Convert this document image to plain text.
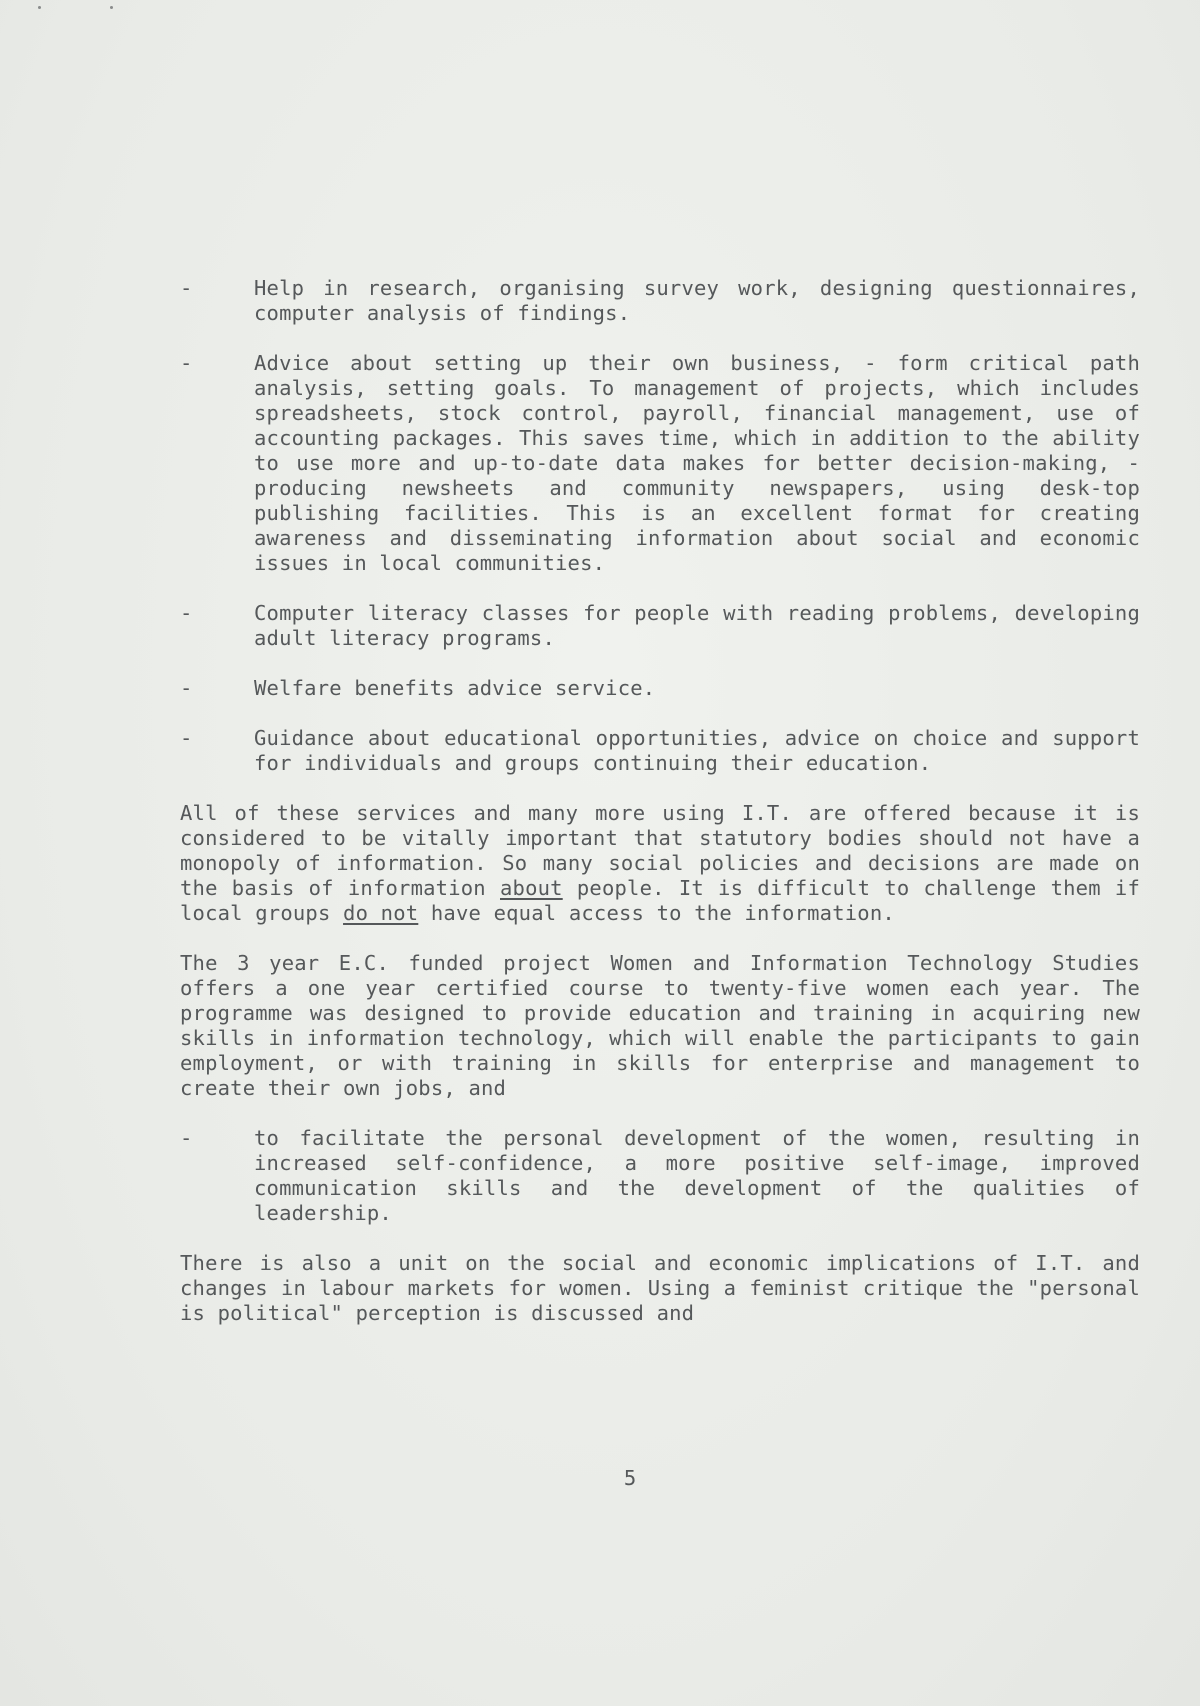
-	Help in research, organising survey work, designing questionnaires, computer analysis of findings.
-	Advice about setting up their own business, - form critical path analysis, setting goals. To management of projects, which includes spreadsheets, stock control, payroll, financial management, use of accounting packages. This saves time, which in addition to the ability to use more and up-to-date data makes for better decision-making, - producing newsheets and community newspapers, using desk-top publishing facilities. This is an excellent format for creating awareness and disseminating information about social and economic issues in local communities.
-	Computer literacy classes for people with reading problems, developing adult literacy programs.
-	Welfare benefits advice service.
-	Guidance about educational opportunities, advice on choice and support for individuals and groups continuing their education.
All of these services and many more using I.T. are offered because it is considered to be vitally important that statutory bodies should not have a monopoly of information. So many social policies and decisions are made on the basis of information about people. It is difficult to challenge them if local groups do not have equal access to the information.
The 3 year E.C. funded project Women and Information Technology Studies offers a one year certified course to twenty-five women each year. The programme was designed to provide education and training in acquiring new skills in information technology, which will enable the participants to gain employment, or with training in skills for enterprise and management to create their own jobs, and
-	to facilitate the personal development of the women, resulting in increased self-confidence, a more positive self-image, improved communication skills and the development of the qualities of leadership.
There is also a unit on the social and economic implications of I.T. and changes in labour markets for women. Using a feminist critique the "personal is political" perception is discussed and
5
